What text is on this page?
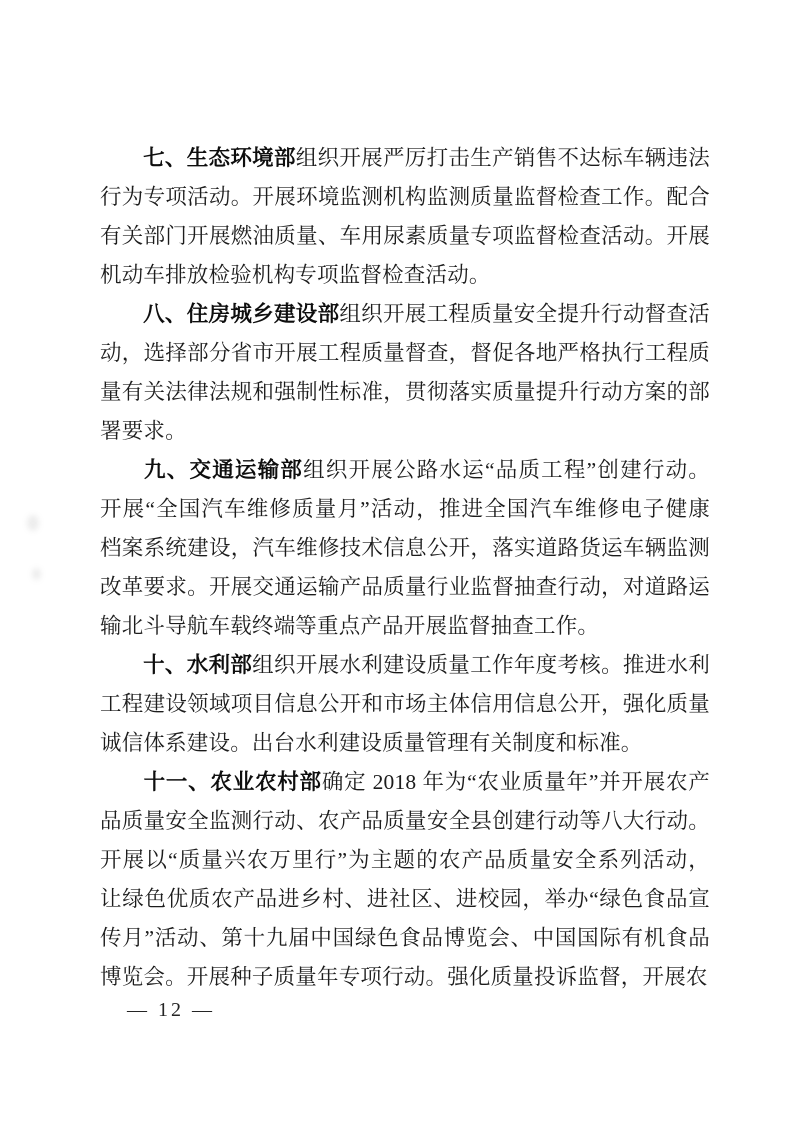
七、生态环境部组织开展严厉打击生产销售不达标车辆违法
行为专项活动。开展环境监测机构监测质量监督检查工作。配合
有关部门开展燃油质量、车用尿素质量专项监督检查活动。开展
机动车排放检验机构专项监督检查活动。
八、住房城乡建设部组织开展工程质量安全提升行动督查活
动，选择部分省市开展工程质量督查，督促各地严格执行工程质
量有关法律法规和强制性标准，贯彻落实质量提升行动方案的部
署要求。
九、交通运输部组织开展公路水运“品质工程”创建行动。
开展“全国汽车维修质量月”活动，推进全国汽车维修电子健康
档案系统建设，汽车维修技术信息公开，落实道路货运车辆监测
改革要求。开展交通运输产品质量行业监督抽查行动，对道路运
输北斗导航车载终端等重点产品开展监督抽查工作。
十、水利部组织开展水利建设质量工作年度考核。推进水利
工程建设领域项目信息公开和市场主体信用信息公开，强化质量
诚信体系建设。出台水利建设质量管理有关制度和标准。
十一、农业农村部确定 2018 年为“农业质量年”并开展农产
品质量安全监测行动、农产品质量安全县创建行动等八大行动。
开展以“质量兴农万里行”为主题的农产品质量安全系列活动，
让绿色优质农产品进乡村、进社区、进校园，举办“绿色食品宣
传月”活动、第十九届中国绿色食品博览会、中国国际有机食品
博览会。开展种子质量年专项行动。强化质量投诉监督，开展农
— 12 —
